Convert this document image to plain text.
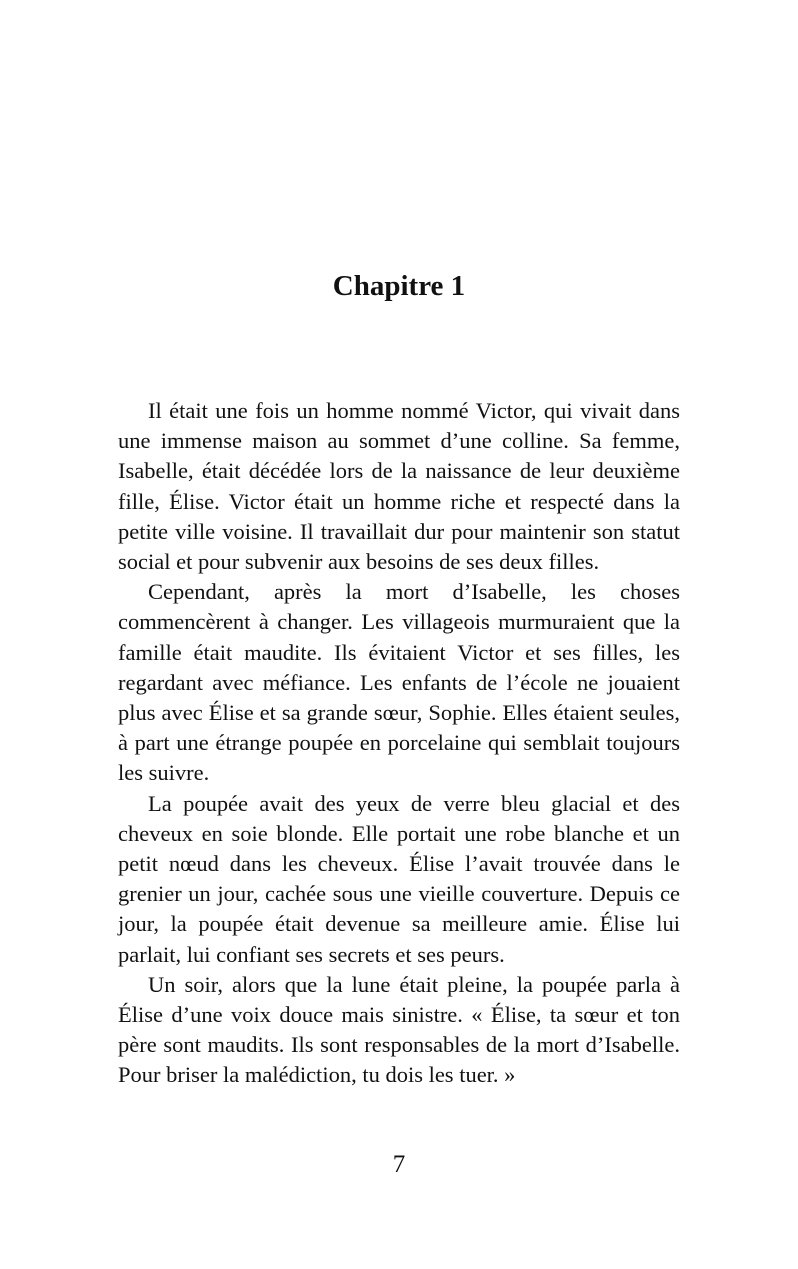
Chapitre 1

Il était une fois un homme nommé Victor, qui vivait dans une immense maison au sommet d’une colline. Sa femme, Isabelle, était décédée lors de la naissance de leur deuxième fille, Élise. Victor était un homme riche et respecté dans la petite ville voisine. Il travaillait dur pour maintenir son statut social et pour subvenir aux besoins de ses deux filles.

Cependant, après la mort d’Isabelle, les choses commencèrent à changer. Les villageois murmuraient que la famille était maudite. Ils évitaient Victor et ses filles, les regardant avec méfiance. Les enfants de l’école ne jouaient plus avec Élise et sa grande sœur, Sophie. Elles étaient seules, à part une étrange poupée en porcelaine qui semblait toujours les suivre.

La poupée avait des yeux de verre bleu glacial et des cheveux en soie blonde. Elle portait une robe blanche et un petit nœud dans les cheveux. Élise l’avait trouvée dans le grenier un jour, cachée sous une vieille couverture. Depuis ce jour, la poupée était devenue sa meilleure amie. Élise lui parlait, lui confiant ses secrets et ses peurs.

Un soir, alors que la lune était pleine, la poupée parla à Élise d’une voix douce mais sinistre. « Élise, ta sœur et ton père sont maudits. Ils sont responsables de la mort d’Isabelle. Pour briser la malédiction, tu dois les tuer. »

7
